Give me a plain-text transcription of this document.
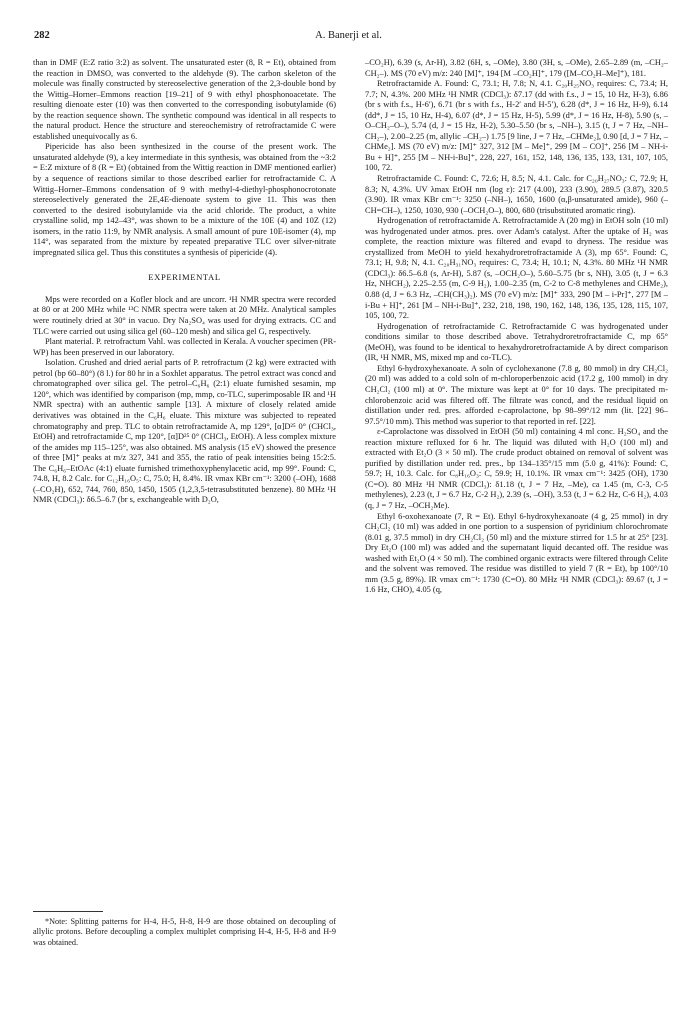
282	A. Banerji et al.

than in DMF (E:Z ratio 3:2) as solvent. The unsaturated ester (8, R = Et), obtained from the reaction in DMSO, was converted to the aldehyde (9). The carbon skeleton of the molecule was finally constructed by stereoselective generation of the 2,3-double bond by the Wittig–Horner–Emmons reaction [19–21] of 9 with ethyl phosphonoacetate. The resulting dienoate ester (10) was then converted to the corresponding isobutylamide (6) by the reaction sequence shown. The synthetic compound was identical in all respects to the natural product. Hence the structure and stereochemistry of retrofractamide C were established unequivocally as 6.

Pipericide has also been synthesized in the course of the present work. The unsaturated aldehyde (9), a key intermediate in this synthesis, was obtained from the ~3:2 = E:Z mixture of 8 (R = Et) (obtained from the Wittig reaction in DMF mentioned earlier) by a sequence of reactions similar to those described earlier for retrofractamide C. A Wittig–Horner–Emmons condensation of 9 with methyl-4-diethyl-phosphonocrotonate stereoselectively generated the 2E,4E-dienoate system to give 11. This was then converted to the desired isobutylamide via the acid chloride. The product, a white crystalline solid, mp 142–43°, was shown to be a mixture of the 10E (4) and 10Z (12) isomers, in the ratio 11:9, by NMR analysis. A small amount of pure 10E-isomer (4), mp 114°, was separated from the mixture by repeated preparative TLC over silver-nitrate impregnated silica gel. Thus this constitutes a synthesis of pipericide (4).

EXPERIMENTAL

Mps were recorded on a Kofler block and are uncorr. ¹H NMR spectra were recorded at 80 or at 200 MHz while ¹³C NMR spectra were taken at 20 MHz. Analytical samples were routinely dried at 30° in vacuo. Dry Na₂SO₄ was used for drying extracts. CC and TLC were carried out using silica gel (60–120 mesh) and silica gel G, respectively.

Plant material. P. retrofractum Vahl. was collected in Kerala. A voucher specimen (PR-WP) has been preserved in our laboratory.

Isolation. Crushed and dried aerial parts of P. retrofractum (2 kg) were extracted with petrol (bp 60–80°) (8 l.) for 80 hr in a Soxhlet apparatus. The petrol extract was concd and chromatographed over silica gel. The petrol–C₆H₆ (2:1) eluate furnished sesamin, mp 120°, which was identified by comparison (mp, mmp, co-TLC, superimposable IR and ¹H NMR spectra) with an authentic sample [13]. A mixture of closely related amide derivatives was obtained in the C₆H₆ eluate. This mixture was subjected to repeated chromatography and prep. TLC to obtain retrofractamide A, mp 129°, [α]D²⁵ 0° (CHCl₃, EtOH) and retrofractamide C, mp 120°, [α]D²⁵ 0° (CHCl₃, EtOH). A less complex mixture of the amides mp 115–125°, was also obtained. MS analysis (15 eV) showed the presence of three [M]⁺ peaks at m/z 327, 341 and 355, the ratio of peak intensities being 15:2:5. The C₆H₆–EtOAc (4:1) eluate furnished trimethoxyphenylacetic acid, mp 99°. Found: C, 74.8, H, 8.2 Calc. for C₁₂H₁₆O₅: C, 75.0; H, 8.4%. IR νmax KBr cm⁻¹: 3200 (–OH), 1688 (–CO₂H), 652, 744, 760, 850, 1450, 1505 (1,2,3,5-tetrasubstituted benzene). 80 MHz ¹H NMR (CDCl₃): δ6.5–6.7 (br s, exchangeable with D₂O,

*Note: Splitting patterns for H-4, H-5, H-8, H-9 are those obtained on decoupling of allylic protons. Before decoupling a complex multiplet comprising H-4, H-5, H-8 and H-9 was obtained.

–CO₂H), 6.39 (s, Ar-H), 3.82 (6H, s, –OMe), 3.80 (3H, s, –OMe), 2.65–2.89 (m, –CH₂–CH₂–). MS (70 eV) m/z: 240 [M]⁺, 194 [M –CO₂H]⁺, 179 ([M–CO₂H–Me]⁺), 181.

Retrofractamide A. Found: C, 73.1; H, 7.8; N, 4.1. C₂₀H₂₅NO₃ requires: C, 73.4; H, 7.7; N, 4.3%. 200 MHz ¹H NMR (CDCl₃): δ7.17 (dd with f.s., J = 15, 10 Hz, H-3), 6.86 (br s with f.s., H-6′), 6.71 (br s with f.s., H-2′ and H-5′), 6.28 (d*, J = 16 Hz, H-9), 6.14 (dd*, J = 15, 10 Hz, H-4), 6.07 (d*, J = 15 Hz, H-5), 5.99 (d*, J = 16 Hz, H-8), 5.90 (s, –O–CH₂–O–), 5.74 (d, J = 15 Hz, H-2), 5.30–5.50 (br s, –NH–), 3.15 (t, J = 7 Hz, –NH–CH₂–), 2.00–2.25 (m, allylic –CH₂–) 1.75 [9 line, J = 7 Hz, –CHMe₂], 0.90 [d, J = 7 Hz, –CHMe₂]. MS (70 eV) m/z: [M]⁺ 327, 312 [M – Me]⁺, 299 [M – CO]⁺, 256 [M – NH-i-Bu + H]⁺, 255 [M – NH-i-Bu]⁺, 228, 227, 161, 152, 148, 136, 135, 133, 131, 107, 105, 100, 72.

Retrofractamide C. Found: C, 72.6; H, 8.5; N, 4.1. Calc. for C₂₀H₂₇NO₃: C, 72.9; H, 8.3; N, 4.3%. UV λmax EtOH nm (log ε): 217 (4.00), 233 (3.90), 289.5 (3.87), 320.5 (3.90). IR νmax KBr cm⁻¹: 3250 (–NH–), 1650, 1600 (α,β-unsaturated amide), 960 (–CH=CH–), 1250, 1030, 930 (–OCH₂O–), 800, 680 (trisubstituted aromatic ring).

Hydrogenation of retrofractamide A. Retrofractamide A (20 mg) in EtOH soln (10 ml) was hydrogenated under atmos. pres. over Adam's catalyst. After the uptake of H₂ was complete, the reaction mixture was filtered and evapd to dryness. The residue was crystallized from MeOH to yield hexahydroretrofractamide A (3), mp 65°. Found: C, 73.1; H, 9.8; N, 4.1. C₂₀H₃₁NO₃ requires: C, 73.4; H, 10.1; N, 4.3%. 80 MHz ¹H NMR (CDCl₃): δ6.5–6.8 (s, Ar-H), 5.87 (s, –OCH₂O–), 5.60–5.75 (br s, NH), 3.05 (t, J = 6.3 Hz, NHCH₂), 2.25–2.55 (m, C-9 H₂), 1.00–2.35 (m, C-2 to C-8 methylenes and CHMe₂), 0.88 (d, J = 6.3 Hz, –CH(CH₃)₂). MS (70 eV) m/z: [M]⁺ 333, 290 [M – i-Pr]⁺, 277 [M – i-Bu + H]⁺, 261 [M – NH-i-Bu]⁺, 232, 218, 198, 190, 162, 148, 136, 135, 128, 115, 107, 105, 100, 72.

Hydrogenation of retrofractamide C. Retrofractamide C was hydrogenated under conditions similar to those described above. Tetrahydroretrofractamide C, mp 65° (MeOH), was found to be identical to hexahydroretrofractamide A by direct comparison (IR, ¹H NMR, MS, mixed mp and co-TLC).

Ethyl 6-hydroxyhexanoate. A soln of cyclohexanone (7.8 g, 80 mmol) in dry CH₂Cl₂ (20 ml) was added to a cold soln of m-chloroperbenzoic acid (17.2 g, 100 mmol) in dry CH₂Cl₂ (100 ml) at 0°. The mixture was kept at 0° for 10 days. The precipitated m-chlorobenzoic acid was filtered off. The filtrate was concd, and the residual liquid on distillation under red. pres. afforded ε-caprolactone, bp 98–99°/12 mm (lit. [22] 96–97.5°/10 mm). This method was superior to that reported in ref. [22].

ε-Caprolactone was dissolved in EtOH (50 ml) containing 4 ml conc. H₂SO₄ and the reaction mixture refluxed for 6 hr. The liquid was diluted with H₂O (100 ml) and extracted with Et₂O (3 × 50 ml). The crude product obtained on removal of solvent was purified by distillation under red. pres., bp 134–135°/15 mm (5.0 g, 41%): Found: C, 59.7; H, 10.3. Calc. for C₈H₁₆O₃: C, 59.9; H, 10.1%. IR νmax cm⁻¹: 3425 (OH), 1730 (C=O). 80 MHz ¹H NMR (CDCl₃): δ1.18 (t, J = 7 Hz, –Me), ca 1.45 (m, C-3, C-5 methylenes), 2.23 (t, J = 6.7 Hz, C-2 H₂), 2.39 (s, –OH), 3.53 (t, J = 6.2 Hz, C-6 H₂), 4.03 (q, J = 7 Hz, –OCH₂Me).

Ethyl 6-oxohexanoate (7, R = Et). Ethyl 6-hydroxyhexanoate (4 g, 25 mmol) in dry CH₂Cl₂ (10 ml) was added in one portion to a suspension of pyridinium chlorochromate (8.01 g, 37.5 mmol) in dry CH₂Cl₂ (50 ml) and the mixture stirred for 1.5 hr at 25° [23]. Dry Et₂O (100 ml) was added and the supernatant liquid decanted off. The residue was washed with Et₂O (4 × 50 ml). The combined organic extracts were filtered through Celite and the solvent was removed. The residue was distilled to yield 7 (R = Et), bp 100°/10 mm (3.5 g, 89%). IR νmax cm⁻¹: 1730 (C=O). 80 MHz ¹H NMR (CDCl₃): δ9.67 (t, J = 1.6 Hz, CHO), 4.05 (q,
